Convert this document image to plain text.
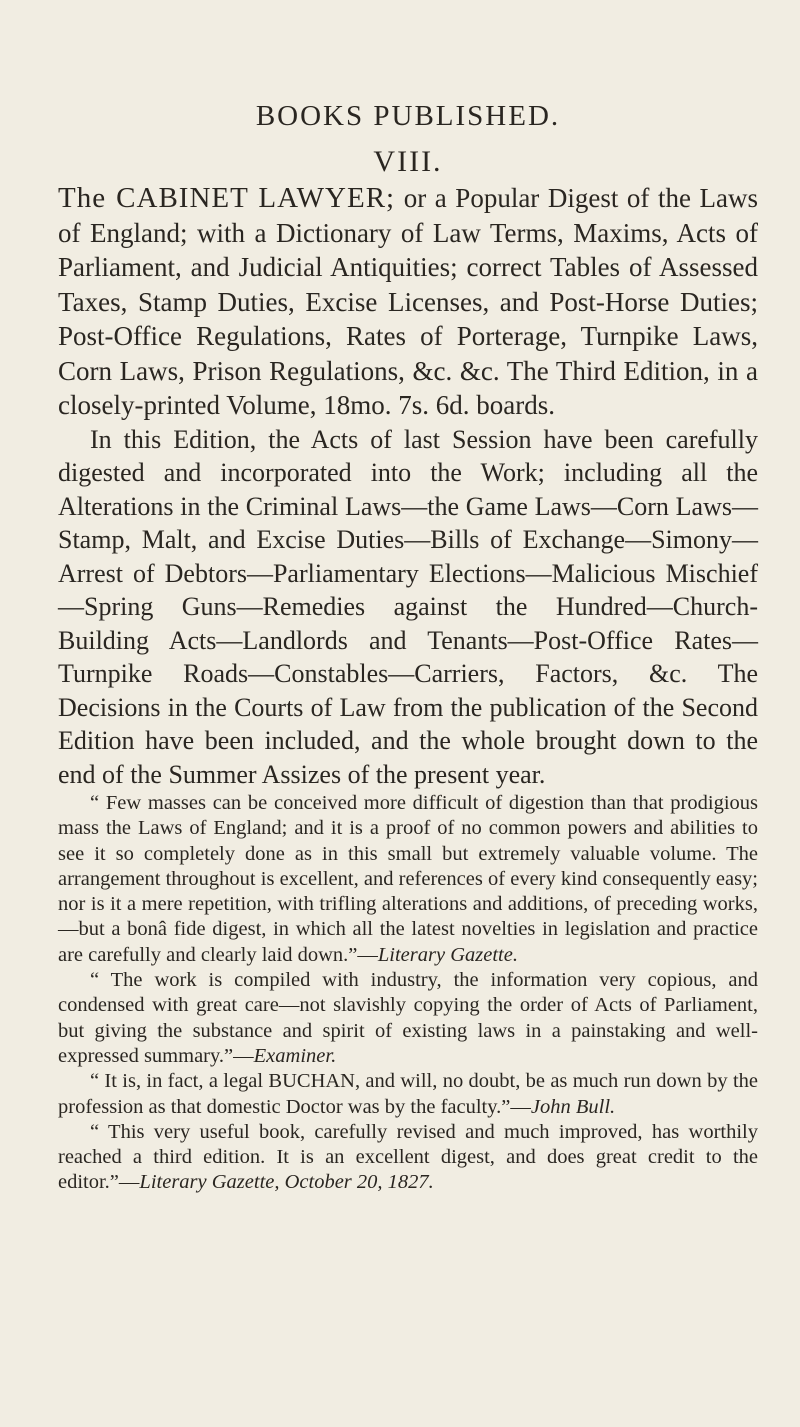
BOOKS PUBLISHED.
VIII.

The CABINET LAWYER; or a Popular Digest of the Laws of England; with a Dictionary of Law Terms, Maxims, Acts of Parliament, and Judicial Antiquities; correct Tables of Assessed Taxes, Stamp Duties, Excise Licenses, and Post-Horse Duties; Post-Office Regulations, Rates of Porterage, Turnpike Laws, Corn Laws, Prison Regulations, &c. &c. The Third Edition, in a closely-printed Volume, 18mo. 7s. 6d. boards.

In this Edition, the Acts of last Session have been carefully digested and incorporated into the Work; including all the Alterations in the Criminal Laws—the Game Laws—Corn Laws—Stamp, Malt, and Excise Duties—Bills of Exchange—Simony—Arrest of Debtors—Parliamentary Elections—Malicious Mischief—Spring Guns—Remedies against the Hundred—Church-Building Acts—Landlords and Tenants—Post-Office Rates—Turnpike Roads—Constables—Carriers, Factors, &c. The Decisions in the Courts of Law from the publication of the Second Edition have been included, and the whole brought down to the end of the Summer Assizes of the present year.

“ Few masses can be conceived more difficult of digestion than that prodigious mass the Laws of England; and it is a proof of no common powers and abilities to see it so completely done as in this small but extremely valuable volume. The arrangement throughout is excellent, and references of every kind consequently easy; nor is it a mere repetition, with trifling alterations and additions, of preceding works,—but a bonâ fide digest, in which all the latest novelties in legislation and practice are carefully and clearly laid down.”—Literary Gazette.

“ The work is compiled with industry, the information very copious, and condensed with great care—not slavishly copying the order of Acts of Parliament, but giving the substance and spirit of existing laws in a painstaking and well-expressed summary.”—Examiner.

“ It is, in fact, a legal BUCHAN, and will, no doubt, be as much run down by the profession as that domestic Doctor was by the faculty.”—John Bull.

“ This very useful book, carefully revised and much improved, has worthily reached a third edition. It is an excellent digest, and does great credit to the editor.”—Literary Gazette, October 20, 1827.
